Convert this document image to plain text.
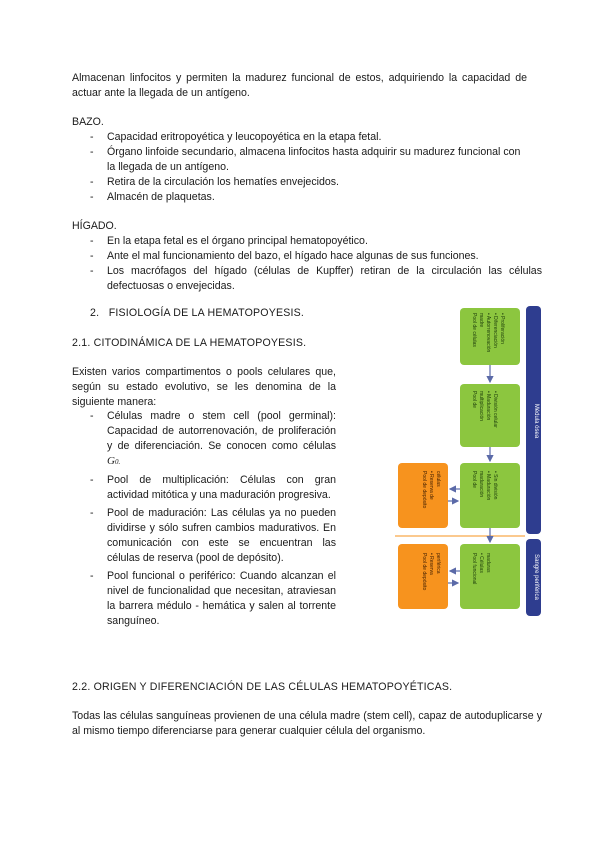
Almacenan linfocitos y permiten la madurez funcional de estos, adquiriendo la capacidad de actuar ante la llegada de un antígeno.
BAZO.
- Capacidad eritropoyética y leucopoyética en la etapa fetal.
- Órgano linfoide secundario, almacena linfocitos hasta adquirir su madurez funcional con la llegada de un antígeno.
- Retira de la circulación los hematíes envejecidos.
- Almacén de plaquetas.
HÍGADO.
- En la etapa fetal es el órgano principal hematopoyético.
- Ante el mal funcionamiento del bazo, el hígado hace algunas de sus funciones.
- Los macrófagos del hígado (células de Kupffer) retiran de la circulación las células defectuosas o envejecidas.
2. FISIOLOGÍA DE LA HEMATOPOYESIS.
2.1. CITODINÁMICA DE LA HEMATOPOYESIS.
Existen varios compartimentos o pools celulares que, según su estado evolutivo, se les denomina de la siguiente manera:
- Células madre o stem cell (pool germinal): Capacidad de autorrenovación, de proliferación y de diferenciación. Se conocen como células G0.
- Pool de multiplicación: Células con gran actividad mitótica y una maduración progresiva.
- Pool de maduración: Las células ya no pueden dividirse y sólo sufren cambios madurativos. En comunicación con este se encuentran las células de reserva (pool de depósito).
- Pool funcional o periférico: Cuando alcanzan el nivel de funcionalidad que necesitan, atraviesan la barrera médulo - hemática y salen al torrente sanguíneo.
Médula ósea
Sangre periférica
Pool de células madre • Autorrenovación • Diferenciación • Proliferación
Pool de multiplicación • Maduración • División celular
Pool de maduración • Maduración • Sin división
Pool funcional • Células maduras
Pool de depósito • Reserva de células
Pool de depósito • Reserva periférica
2.2. ORIGEN Y DIFERENCIACIÓN DE LAS CÉLULAS HEMATOPOYÉTICAS.
Todas las células sanguíneas provienen de una célula madre (stem cell), capaz de autoduplicarse y al mismo tiempo diferenciarse para generar cualquier célula del organismo.
